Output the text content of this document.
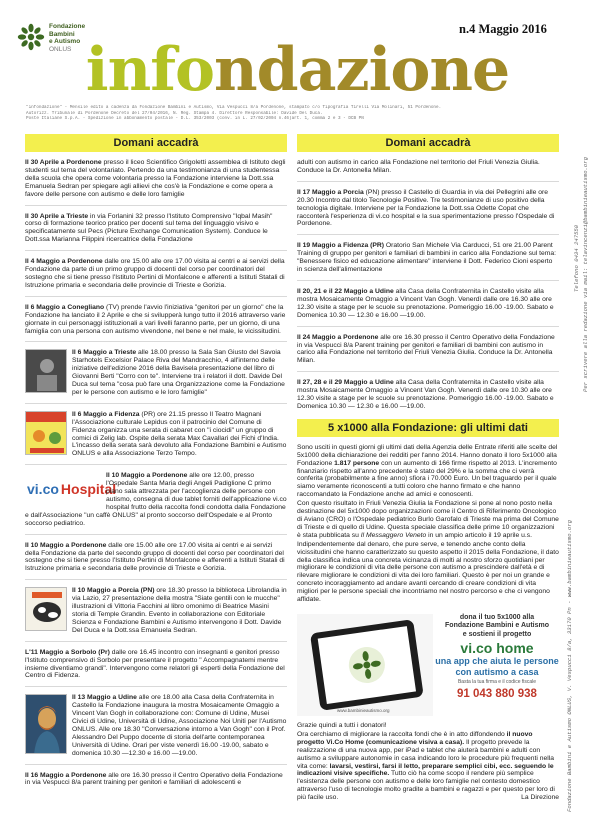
Fondazione
Bambini
e Autismo
ONLUS
n.4 Maggio 2016
infondazione

"infondazione" - Mensile edito a cadenza da Fondazione Bambini e Autismo, Via Vespucci 8/a Pordenone, stampato c/o Tipografia Tirelli Via Molinari, 51 Pordenone.

Autorizz. Tribunale di Pordenone Decreto del 27/04/2016, N. Reg. Stampa 4. Direttore Responsabile: Davide Del Duca.

Poste Italiane S.p.A. - Spedizione in abbonamento postale - D.L. 353/2003 (conv. in L. 27/02/2004 n.46)art. 1, comma 2 e 3 - DCB PN

Fondazione Bambini e Autismo ONLUS, V. Vespucci 8/a, 33170 Pn - www.bambinieautismo.org
Telefono 0434 247550 Per scrivere alla redazione via mail: telavincenzi@bambinieautismo.org
Domani accadrà

Il 30 Aprile a Pordenone presso il liceo Scientifico Grigoletti assemblea di Istituto degli studenti sul tema del volontariato. Pertendo da una testimonianza di una studentessa della scuola che opera come volontaria presso la Fondazione interviene la Dott.ssa Emanuela Sedran per spiegare agli allievi che cos'è la Fondazione e come opera a favore delle persone con autismo e delle loro famiglie

Il 30 Aprile a Trieste in via Forlanini 32 presso l'Istituto Comprensivo "Iqbal Masih" corso di formazione teorico pratico per docenti sul tema del linguaggio visivo e specificatamente sul Pecs (Picture Exchange Comunication System). Conduce le Dott.ssa Marianna Filippini ricercatrice della Fondazione

Il 4 Maggio a Pordenone dalle ore 15.00 alle ore 17.00 visita ai centri e ai servizi della Fondazione da parte di un primo gruppo di docenti del corso per coordinatori del sostegno che si tiene presso l'Istituto Pertini di Monfalcone e afferenti a Istituti Statali di Istruzione primaria e secondaria delle provincie di Trieste e Gorizia.

Il 6 Maggio a Conegliano (TV) prende l'avvio l'iniziativa "genitori per un giorno" che la Fondazione ha lanciato il 2 Aprile e che si svilupperà lungo tutto il 2016 attraverso varie giornate in cui personaggi istituzionali a vari livelli faranno parte, per un giorno, di una famiglia con una persona con autismo vivendone, nel bene e nel male, le vicissitudini.

Il 6 Maggio a Trieste alle 18.00 presso la Sala San Giusto del Savoia Starhotels Excelsior Palace Riva del Mandracchio, 4 all'interno delle iniziative dell'edizione 2016 della Bavisela presentazione del libro di Giovanni Berti "Corro con te". Interviene tra i relatori il dott. Davide Del Duca sul tema "cosa può fare una Organizzazione come la Fondazione per le persone con autismo e le loro famiglie"

Il 6 Maggio a Fidenza (PR) ore 21.15 presso Il Teatro Magnani l'Associazione culturale Lepidus con il patrocinio del Comune di Fidenza organizza una serata di cabaret con "i ciocidi" un gruppo di comici di Zelig lab. Ospite della serata Max Cavallari dei Fichi d'India. L'incasso della serata sarà devoluto alla Fondazione Bambini e Autismo ONLUS e alla Associazione Terzo Tempo.

vi.co Hospital

Il 10 Maggio a Pordenone alle ore 12.00, presso l'Ospedale Santa Maria degli Angeli Padiglione C primo piano sala attrezzata per l'accoglienza delle persone con autismo, consegna di due tablet forniti dell'applicazione vi.co hospital frutto della raccolta fondi condotta dalla Fondazione e dall'Associazione "un caffè ONLUS" al pronto soccorso dell'Ospedale e al Pronto soccorso pediatrico.

Il 10 Maggio a Pordenone dalle ore 15.00 alle ore 17.00 visita ai centri e ai servizi della Fondazione da parte del secondo gruppo di docenti del corso per coordinatori del sostegno che si tiene presso l'Istituto Pertini di Monfalcone e afferenti a Istituti Statali di Istruzione primaria e secondaria delle provincie di Trieste e Gorizia.

Il 10 Maggio a Porcia (PN) ore 18.30 presso la biblioteca Librolandia in via Lazio, 27 presentazione della mostra "Siate gentili con le mucche" illustrazioni di Vittoria Facchini al libro omonimo di Beatrice Masini storia di Temple Grandin. Evento in collaborazione con Editoriale Scienza e Fondazione Bambini e Autismo intervengono il Dott. Davide Del Duca e la Dott.ssa Emanuela Sedran.

L'11 Maggio a Sorbolo (Pr) dalle ore 16.45 incontro con insegnanti e genitori presso l'Istituto comprensivo di Sorbolo per presentare il progetto " Accompagnatemi mentre insieme diventiamo grandi". Intervengono come relatori gli esperti della Fondazione del Centro di Fidenza.

Il 13 Maggio a Udine alle ore 18.00 alla Casa della Confraternita in Castello la Fondazione inaugura la mostra Mosaicamente Omaggio a Vincent Van Gogh in collaborazione con: Comune di Udine, Musei Civici di Udine, Università di Udine, Associazione Noi Uniti per l'Autismo ONLUS. Alle ore 18.30 "Conversazione intorno a Van Gogh" con il Prof. Alessandro Del Puppo docente di storia dell'arte contemporanea Università di Udine. Orari per viste venerdì 16.00 -19.00, sabato e domenica 10.30 —12.30 e 16.00 —19.00.

Il 16 Maggio a Pordenone alle ore 16.30 presso il Centro Operativo della Fondazione in via Vespucci 8/a parent training per genitori e familiari di adolescenti e

Domani accadrà

adulti con autismo in carico alla Fondazione nel territorio del Friuli Venezia Giulia. Conduce la Dr. Antonella Milan.

Il 17 Maggio a Porcia (PN) presso il Castello di Guardia in via dei Pellegrini alle ore 20.30 Incontro dal titolo Tecnologie Positive. Tre testimonianze di uso positivo della tecnologia digitale. Interviene per la Fondazione la Dott.ssa Odette Copat che racconterà l'esperienza di vi.co hospital e la sua sperimentazione presso l'Ospedale di Pordenone.

Il 19 Maggio a Fidenza (PR) Oratorio San Michele Via Carducci, 51 ore 21.00 Parent Training di gruppo per genitori e familiari di bambini in carico alla Fondazione sul tema: "Benessere fisico ed educazione alimentare" interviene il Dott. Federico Cioni esperto in scienza dell'alimentazione

Il 20, 21 e il 22 Maggio a Udine alla Casa della Confraternita in Castello visite alla mostra Mosaicamente Omaggio a Vincent Van Gogh. Venerdì dalle ore 16.30 alle ore 12.30 visite a stage per le scuole su prenotazione. Pomeriggio 16.00 -19.00. Sabato e Domenica 10.30 — 12.30 e 16.00 —19.00.

Il 24 Maggio a Pordenone alle ore 16.30 presso il Centro Operativo della Fondazione in via Vespucci 8/a Parent training per genitori e familiari di bambini con autismo in carico alla Fondazione nel territorio del Friuli Venezia Giulia. Conduce la Dr. Antonella Milan.

Il 27, 28 e il 29 Maggio a Udine alla Casa della Confraternita in Castello visite alla mostra Mosaicamente Omaggio a Vincent Van Gogh. Venerdì dalle ore 10.30 alle ore 12.30 visite a stage per le scuole su prenotazione. Pomeriggio 16.00 -19.00. Sabato e Domenica 10.30 — 12.30 e 16.00 —19.00.

5 x1000 alla Fondazione: gli ultimi dati

Sono usciti in questi giorni gli ultimi dati della Agenzia delle Entrate riferiti alle scelte del 5x1000 della dichiarazione dei redditi per l'anno 2014. Hanno donato il loro 5x1000 alla Fondazione 1.817 persone con un aumento di 166 firme rispetto al 2013. L'incremento finanziario rispetto all'anno precedente è stato del 29% e la somma che ci verrà conferita (probabilmente a fine anno) sfiora i 70.000 Euro. Un bel traguardo per il quale siamo veramente riconoscenti a tutti coloro che hanno firmato e che hanno raccomandato la Fondazione anche ad amici e conoscenti.

Con questo risultato in Friuli Venezia Giulia la Fondazione si pone al nono posto nella destinazione del 5x1000 dopo organizzazioni come il Centro di Riferimento Oncologico di Aviano (CRO) o l'Ospedale pediatrico Burlo Garofalo di Trieste ma prima del Comune di Trieste e di quello di Udine. Questa speciale classifica delle prime 10 organizzazioni è stata pubblicata su Il Messaggero Veneto in un ampio articolo il 19 aprile u.s.

Indipendentemente dal denaro, che pure serve, e tenendo anche conto della vicissitudini che hanno caratterizzato su questo aspetto il 2015 della Fondazione, il dato della classifica indica una concreta vicinanza di molti al nostro sforzo quotidiani per migliorare le condizioni di vita delle persone con autismo a prescindere dall'età e di rilevare migliorare le condizioni di vita dei loro familiari. Questo è per noi un grande e concreto incoraggiamento ad andare avanti cercando di creare condizioni di vita migliori per le persone speciali che incontriamo nel nostro percorso e che ci vengono affidate.

www.bambinieautismo.org
dona il tuo 5x1000 alla
Fondazione Bambini e Autismo
e sostieni il progetto
vi.co home
una app che aiuta le persone con autismo a casa
Basta la tua firma e il codice fiscale
91 043 880 938

Grazie quindi a tutti i donatori!

Ora cerchiamo di migliorare la raccolta fondi che è in atto diffondendo il nuovo progetto Vi.Co Home (comunicazione visiva a casa). Il progetto prevede la realizzazione di una nuova app, per iPad e tablet che aiuterà bambini e adulti con autismo a sviluppare autonomie in casa indicando loro le procedure più frequenti nella vita come: lavarsi, vestirsi, farsi il letto, preparare semplici cibi, ecc. seguendo le indicazioni visive specifiche. Tutto ciò ha come scopo il rendere più semplice l'esistenza delle persone con autismo e delle loro famiglie nel contesto domestico attraverso l'uso di tecnologie molto gradite a bambini e ragazzi e per questo per loro di più facile uso.	La Direzione
